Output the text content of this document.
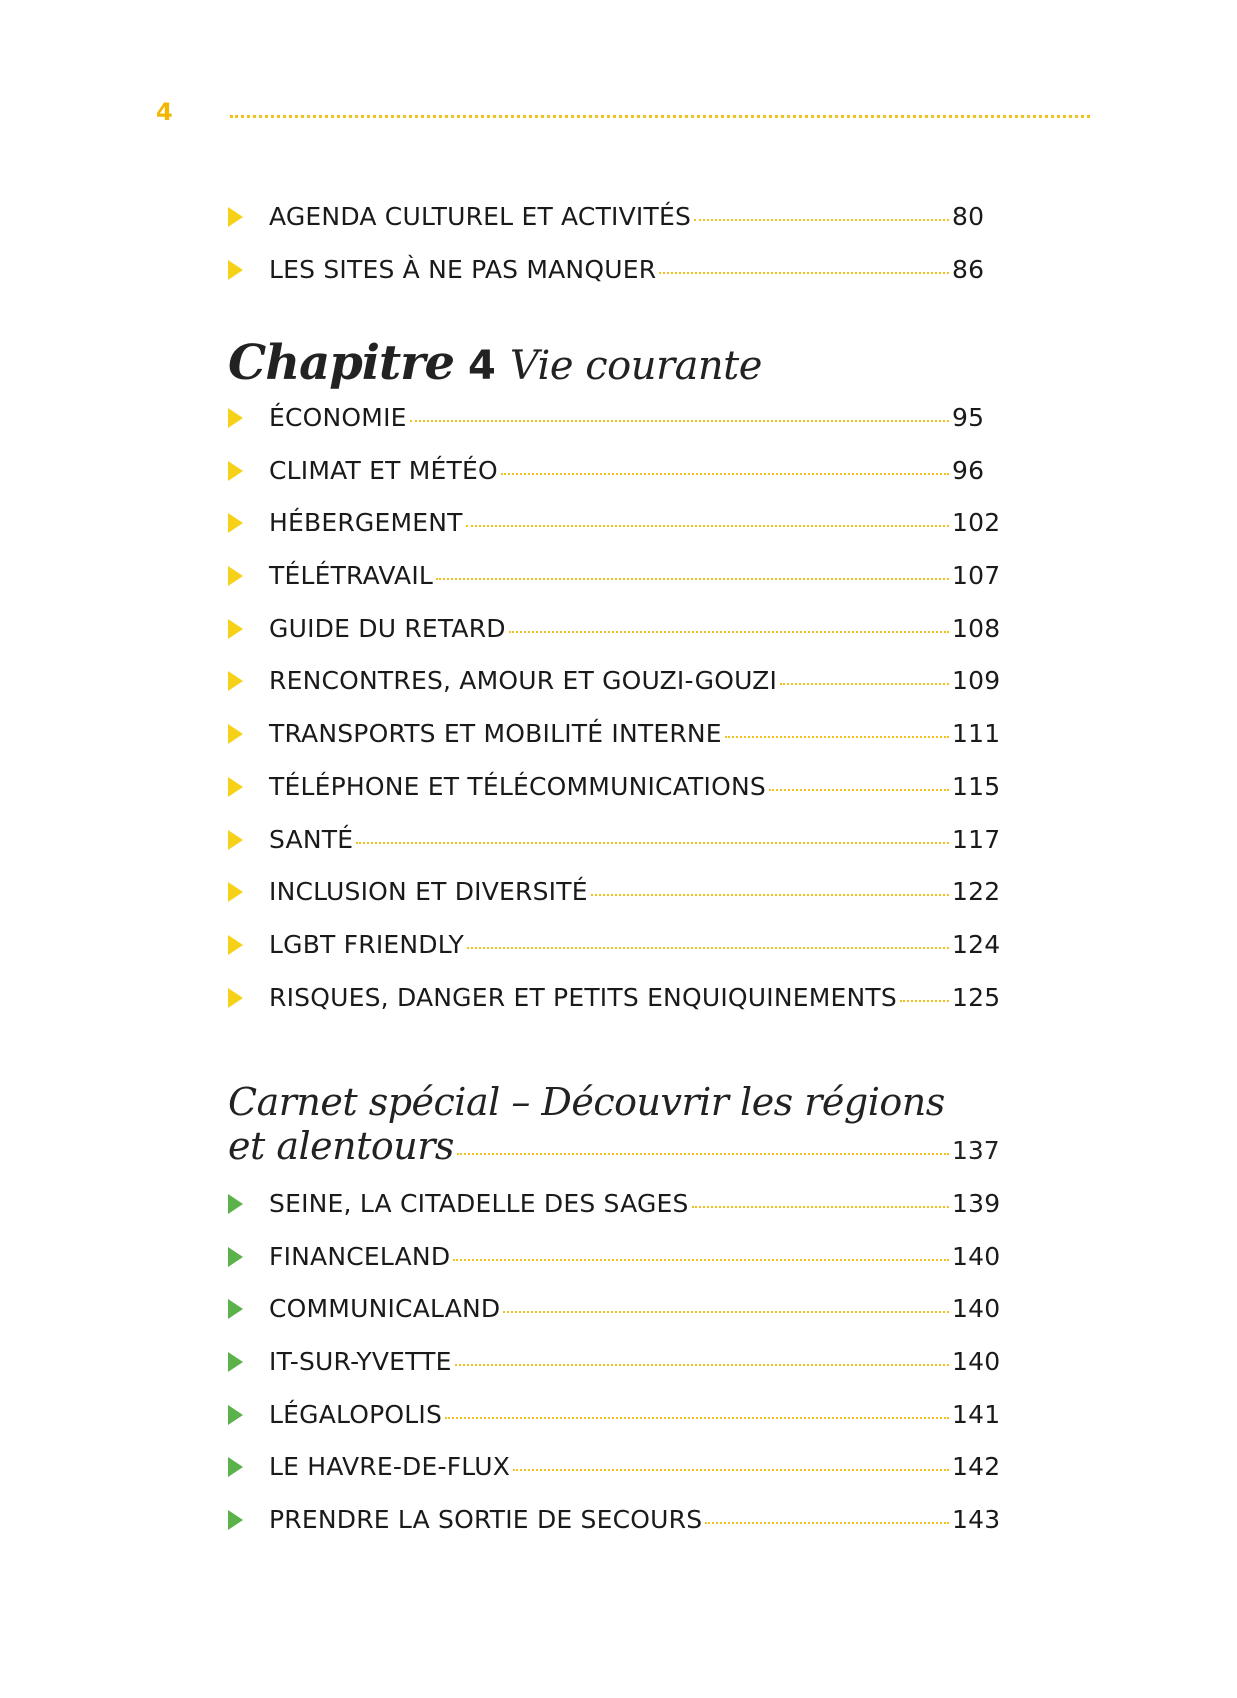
4
AGENDA CULTUREL ET ACTIVITÉS	80
LES SITES À NE PAS MANQUER	86
Chapitre 4 Vie courante
ÉCONOMIE	95
CLIMAT ET MÉTÉO	96
HÉBERGEMENT	102
TÉLÉTRAVAIL	107
GUIDE DU RETARD	108
RENCONTRES, AMOUR ET GOUZI-GOUZI	109
TRANSPORTS ET MOBILITÉ INTERNE	111
TÉLÉPHONE ET TÉLÉCOMMUNICATIONS	115
SANTÉ	117
INCLUSION ET DIVERSITÉ	122
LGBT FRIENDLY	124
RISQUES, DANGER ET PETITS ENQUIQUINEMENTS 125
Carnet spécial – Découvrir les régions
et alentours	137
SEINE, LA CITADELLE DES SAGES	139
FINANCELAND	140
COMMUNICALAND	140
IT-SUR-YVETTE	140
LÉGALOPOLIS	141
LE HAVRE-DE-FLUX	142
PRENDRE LA SORTIE DE SECOURS	143
